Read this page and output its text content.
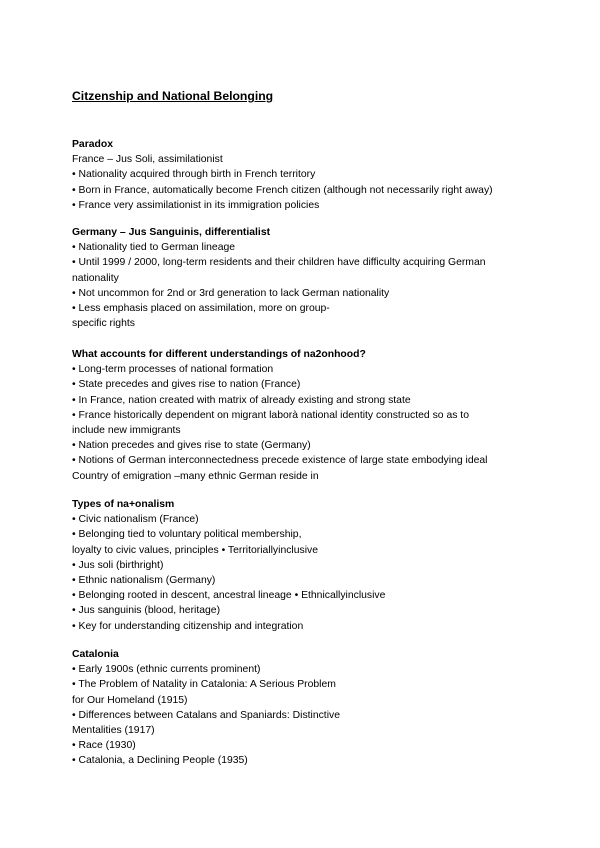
Citzenship and National Belonging
Paradox
France – Jus Soli, assimilationist
• Nationality acquired through birth in French territory
• Born in France, automatically become French citizen (although not necessarily right away)
• France very assimilationist in its immigration policies
Germany – Jus Sanguinis, differentialist
• Nationality tied to German lineage
• Until 1999 / 2000, long-term residents and their children have difficulty acquiring German
nationality
• Not uncommon for 2nd or 3rd generation to lack German nationality
• Less emphasis placed on assimilation, more on group-
specific rights
What accounts for different understandings of na2onhood?
• Long-term processes of national formation
• State precedes and gives rise to nation (France)
• In France, nation created with matrix of already existing and strong state
• France historically dependent on migrant laborà national identity constructed so as to
include new immigrants
• Nation precedes and gives rise to state (Germany)
• Notions of German interconnectedness precede existence of large state embodying ideal
Country of emigration –many ethnic German reside in
Types of na+onalism
• Civic nationalism (France)
• Belonging tied to voluntary political membership,
loyalty to civic values, principles • Territoriallyinclusive
• Jus soli (birthright)
• Ethnic nationalism (Germany)
• Belonging rooted in descent, ancestral lineage • Ethnicallyinclusive
• Jus sanguinis (blood, heritage)
• Key for understanding citizenship and integration
Catalonia
• Early 1900s (ethnic currents prominent)
• The Problem of Natality in Catalonia: A Serious Problem
for Our Homeland (1915)
• Differences between Catalans and Spaniards: Distinctive
Mentalities (1917)
• Race (1930)
• Catalonia, a Declining People (1935)
